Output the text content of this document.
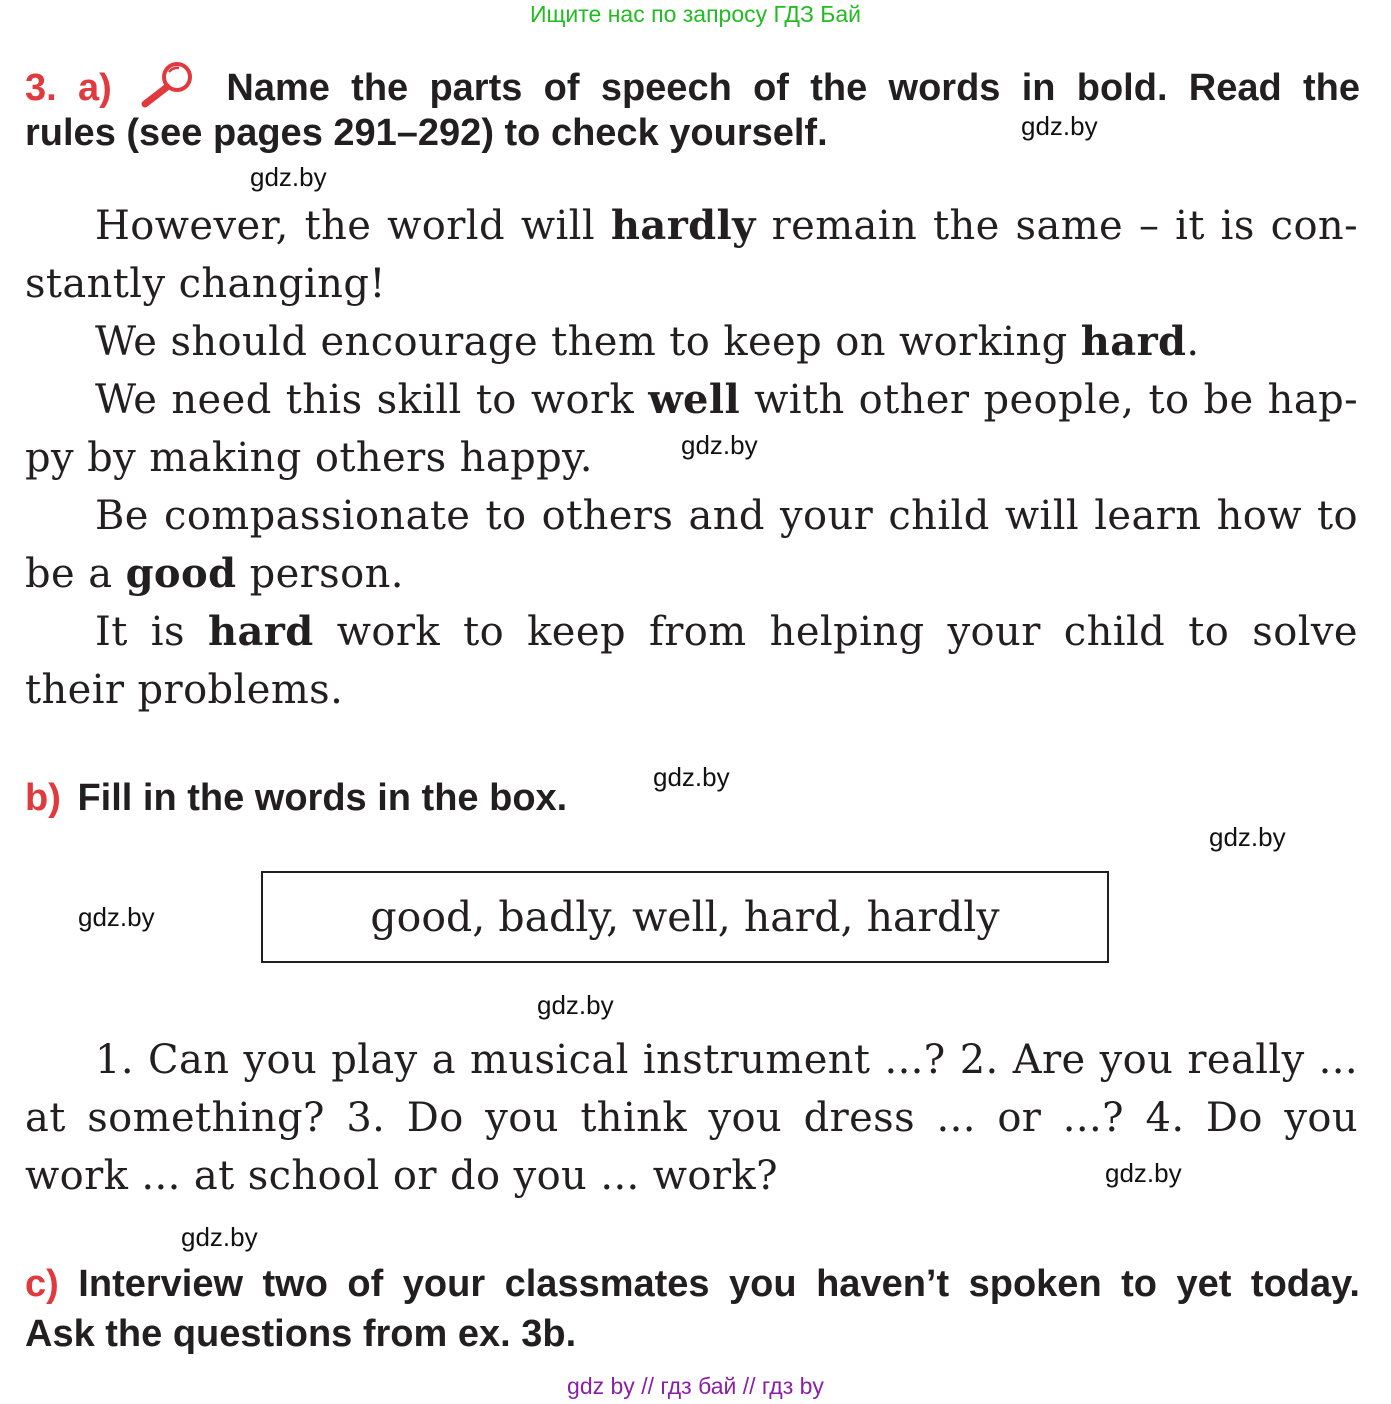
Ищите нас по запросу ГДЗ Бай
3. a)	Name the parts of speech of the words in bold. Read the
rules (see pages 291–292) to check yourself.
However, the world will hardly remain the same – it is con-
stantly changing!
We should encourage them to keep on working hard.
We need this skill to work well with other people, to be hap-
py by making others happy.
Be compassionate to others and your child will learn how to
be a good person.
It is hard work to keep from helping your child to solve
their problems.
b) Fill in the words in the box.
good, badly, well, hard, hardly
1. Can you play a musical instrument ...? 2. Are you really ...
at something? 3. Do you think you dress ... or ...? 4. Do you
work ... at school or do you ... work?
c) Interview two of your classmates you haven’t spoken to yet today.
Ask the questions from ex. 3b.
gdz.by
gdz.by
gdz.by
gdz.by
gdz.by
gdz.by
gdz.by
gdz.by
gdz.by
gdz by // гдз бай // гдз by
